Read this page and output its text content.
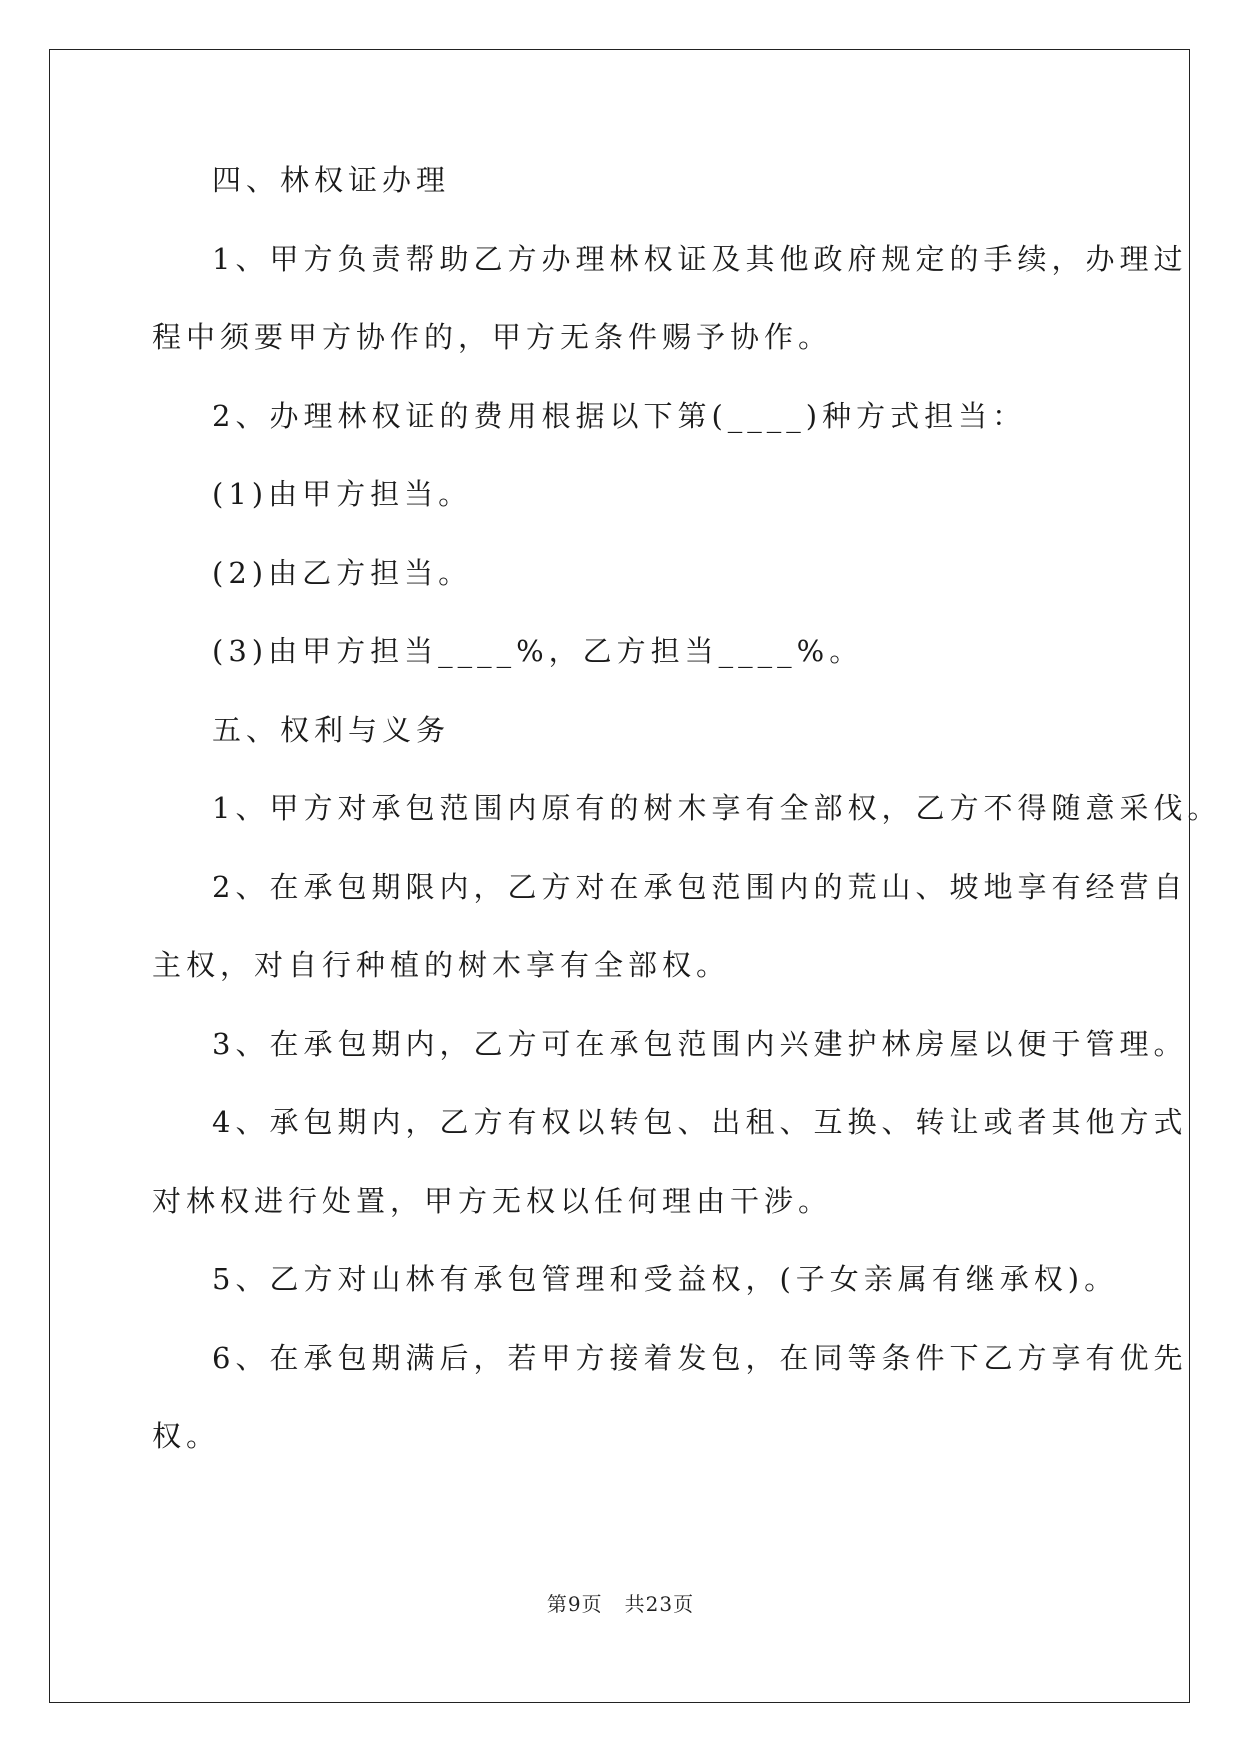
四、林权证办理

1、甲方负责帮助乙方办理林权证及其他政府规定的手续，办理过

程中须要甲方协作的，甲方无条件赐予协作。

2、办理林权证的费用根据以下第(____)种方式担当：

(1)由甲方担当。

(2)由乙方担当。

(3)由甲方担当____%，乙方担当____%。

五、权利与义务

1、甲方对承包范围内原有的树木享有全部权，乙方不得随意采伐。

2、在承包期限内，乙方对在承包范围内的荒山、坡地享有经营自

主权，对自行种植的树木享有全部权。

3、在承包期内，乙方可在承包范围内兴建护林房屋以便于管理。

4、承包期内，乙方有权以转包、出租、互换、转让或者其他方式

对林权进行处置，甲方无权以任何理由干涉。

5、乙方对山林有承包管理和受益权，(子女亲属有继承权)。

6、在承包期满后，若甲方接着发包，在同等条件下乙方享有优先

权。

第9页 共23页
